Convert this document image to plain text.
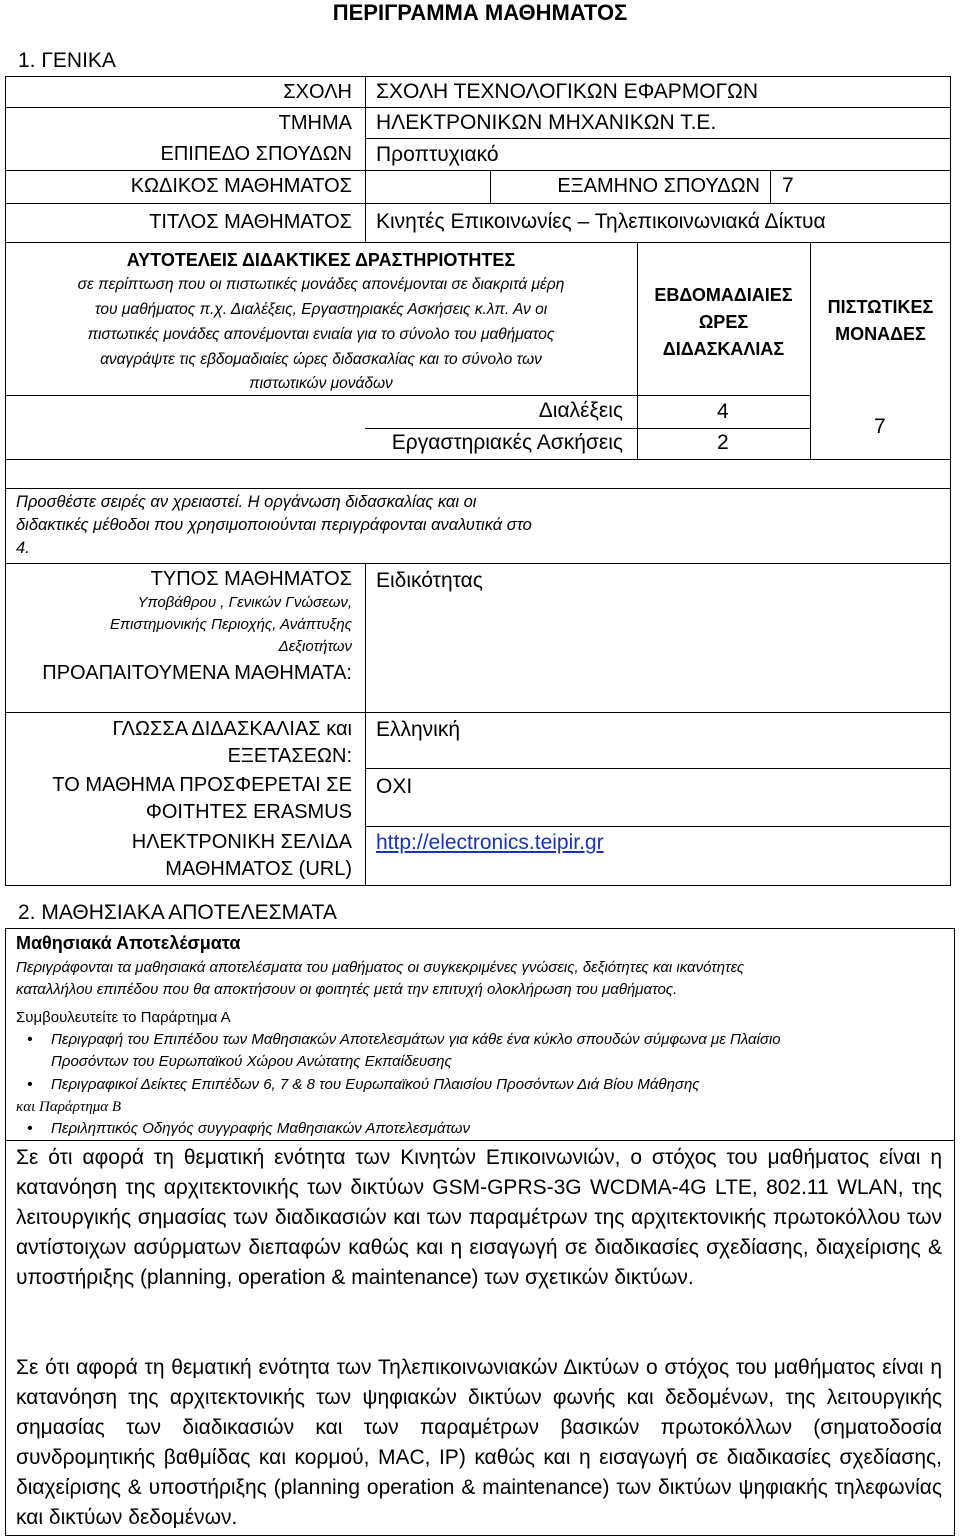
ΠΕΡΙΓΡΑΜΜΑ ΜΑΘΗΜΑΤΟΣ
1. ΓΕΝΙΚΑ
ΣΧΟΛΗ ΣΧΟΛΗ ΤΕΧΝΟΛΟΓΙΚΩΝ ΕΦΑΡΜΟΓΩΝ
ΤΜΗΜΑ ΗΛΕΚΤΡΟΝΙΚΩΝ ΜΗΧΑΝΙΚΩΝ Τ.Ε.
ΕΠΙΠΕΔΟ ΣΠΟΥΔΩΝ Προπτυχιακό
ΚΩΔΙΚΟΣ ΜΑΘΗΜΑΤΟΣ	ΕΞΑΜΗΝΟ ΣΠΟΥΔΩΝ 7
ΤΙΤΛΟΣ ΜΑΘΗΜΑΤΟΣ Κινητές Επικοινωνίες – Τηλεπικοινωνιακά Δίκτυα
ΑΥΤΟΤΕΛΕΙΣ ΔΙΔΑΚΤΙΚΕΣ ΔΡΑΣΤΗΡΙΟΤΗΤΕΣ
σε περίπτωση που οι πιστωτικές μονάδες απονέμονται σε διακριτά μέρη
του μαθήματος π.χ. Διαλέξεις, Εργαστηριακές Ασκήσεις κ.λπ. Αν οι
πιστωτικές μονάδες απονέμονται ενιαία για το σύνολο του μαθήματος
αναγράψτε τις εβδομαδιαίες ώρες διδασκαλίας και το σύνολο των
πιστωτικών μονάδων
ΕΒΔΟΜΑΔΙΑΙΕΣ
ΩΡΕΣ
ΔΙΔΑΣΚΑΛΙΑΣ
ΠΙΣΤΩΤΙΚΕΣ
ΜΟΝΑΔΕΣ
Διαλέξεις	4
Εργαστηριακές Ασκήσεις	2
7
Προσθέστε σειρές αν χρειαστεί. Η οργάνωση διδασκαλίας και οι
διδακτικές μέθοδοι που χρησιμοποιούνται περιγράφονται αναλυτικά στο
4.
ΤΥΠΟΣ ΜΑΘΗΜΑΤΟΣ
Υποβάθρου , Γενικών Γνώσεων,
Επιστημονικής Περιοχής, Ανάπτυξης
Δεξιοτήτων
Ειδικότητας
ΠΡΟΑΠΑΙΤΟΥΜΕΝΑ ΜΑΘΗΜΑΤΑ:
ΓΛΩΣΣΑ ΔΙΔΑΣΚΑΛΙΑΣ και
ΕΞΕΤΑΣΕΩΝ:
Ελληνική
ΤΟ ΜΑΘΗΜΑ ΠΡΟΣΦΕΡΕΤΑΙ ΣΕ
ΦΟΙΤΗΤΕΣ ERASMUS
ΟΧΙ
ΗΛΕΚΤΡΟΝΙΚΗ ΣΕΛΙΔΑ
ΜΑΘΗΜΑΤΟΣ (URL)
http://electronics.teipir.gr
2. ΜΑΘΗΣΙΑΚΑ ΑΠΟΤΕΛΕΣΜΑΤΑ
Μαθησιακά Αποτελέσματα
Περιγράφονται τα μαθησιακά αποτελέσματα του μαθήματος οι συγκεκριμένες γνώσεις, δεξιότητες και ικανότητες
καταλλήλου επιπέδου που θα αποκτήσουν οι φοιτητές μετά την επιτυχή ολοκλήρωση του μαθήματος.
Συμβουλευτείτε το Παράρτημα Α
• Περιγραφή του Επιπέδου των Μαθησιακών Αποτελεσμάτων για κάθε ένα κύκλο σπουδών σύμφωνα με Πλαίσιο
Προσόντων του Ευρωπαϊκού Χώρου Ανώτατης Εκπαίδευσης
• Περιγραφικοί Δείκτες Επιπέδων 6, 7 & 8 του Ευρωπαϊκού Πλαισίου Προσόντων Διά Βίου Μάθησης
και Παράρτημα Β
• Περιληπτικός Οδηγός συγγραφής Μαθησιακών Αποτελεσμάτων
Σε ότι αφορά τη θεματική ενότητα των Κινητών Επικοινωνιών, ο στόχος του μαθήματος είναι η κατανόηση της αρχιτεκτονικής των δικτύων GSM-GPRS-3G WCDMA-4G LTE, 802.11 WLAN, της λειτουργικής σημασίας των διαδικασιών και των παραμέτρων της αρχιτεκτονικής πρωτοκόλλου των αντίστοιχων ασύρματων διεπαφών καθώς και η εισαγωγή σε διαδικασίες σχεδίασης, διαχείρισης & υποστήριξης (planning, operation & maintenance) των σχετικών δικτύων.
Σε ότι αφορά τη θεματική ενότητα των Τηλεπικοινωνιακών Δικτύων ο στόχος του μαθήματος είναι η κατανόηση της αρχιτεκτονικής των ψηφιακών δικτύων φωνής και δεδομένων, της λειτουργικής σημασίας των διαδικασιών και των παραμέτρων βασικών πρωτοκόλλων (σηματοδοσία συνδρομητικής βαθμίδας και κορμού, MAC, IP) καθώς και η εισαγωγή σε διαδικασίες σχεδίασης, διαχείρισης & υποστήριξης (planning operation & maintenance) των δικτύων ψηφιακής τηλεφωνίας και δικτύων δεδομένων.
